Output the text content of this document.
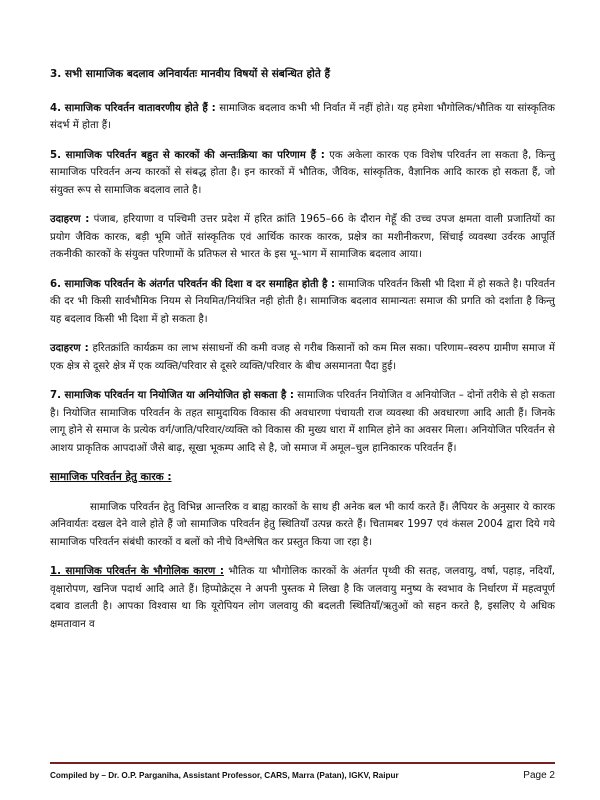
3. सभी सामाजिक बदलाव अनिवार्यतः मानवीय विषयों से संबन्धित होते हैं

4. सामाजिक परिवर्तन वातावरणीय होते हैं : सामाजिक बदलाव कभी भी निर्वात में नहीं होते। यह हमेशा भौगोलिक/भौतिक या सांस्कृतिक संदर्भ में होता हैं।

5. सामाजिक परिवर्तन बहुत से कारकों की अन्तःक्रिया का परिणाम हैं : एक अकेला कारक एक विशेष परिवर्तन ला सकता है, किन्तु सामाजिक परिवर्तन अन्य कारकों से संबद्ध होता है। इन कारकों में भौतिक, जैविक, सांस्कृतिक, वैज्ञानिक आदि कारक हो सकता हैं, जो संयुक्त रूप से सामाजिक बदलाव लाते है।

उदाहरण : पंजाब, हरियाणा व पश्चिमी उत्तर प्रदेश में हरित क्रांति 1965–66 के दौरान गेहूँ की उच्च उपज क्षमता वाली प्रजातियों का प्रयोग जैविक कारक, बड़ी भूमि जोतें सांस्कृतिक एवं आर्थिक कारक कारक, प्रक्षेत्र का मशीनीकरण, सिंचाई व्यवस्था उर्वरक आपूर्ति तकनीकी कारकों के संयुक्त परिणामों के प्रतिफल से भारत के इस भू–भाग में सामाजिक बदलाव आया।

6. सामाजिक परिवर्तन के अंतर्गत परिवर्तन की दिशा व दर समाहित होती है : सामाजिक परिवर्तन किसी भी दिशा में हो सकते है। परिवर्तन की दर भी किसी सार्वभौमिक नियम से नियमित/नियंत्रित नही होती है। सामाजिक बदलाव सामान्यतः समाज की प्रगति को दर्शाता है किन्तु यह बदलाव किसी भी दिशा में हो सकता है।

उदाहरण : हरितक्रांति कार्यक्रम का लाभ संसाधनों की कमी वजह से गरीब किसानों को कम मिल सका। परिणाम–स्वरुप ग्रामीण समाज में एक क्षेत्र से दूसरे क्षेत्र में एक व्यक्ति/परिवार से दूसरे व्यक्ति/परिवार के बीच असमानता पैदा हुई।

7. सामाजिक परिवर्तन या नियोजित या अनियोजित हो सकता है : सामाजिक परिवर्तन नियोजित व अनियोजित – दोनों तरीके से हो सकता है। नियोजित सामाजिक परिवर्तन के तहत सामुदायिक विकास की अवधारणा पंचायती राज व्यवस्था की अवधारणा आदि आती हैं। जिनके लागू होने से समाज के प्रत्येक वर्ग/जाति/परिवार/व्यक्ति को विकास की मुख्य धारा में शामिल होने का अवसर मिला। अनियोजित परिवर्तन से आशय प्राकृतिक आपदाओं जैसे बाढ़, सूखा भूकम्प आदि से है, जो समाज में अमूल–चुल हानिकारक परिवर्तन हैं।

सामाजिक परिवर्तन हेतु कारक :

सामाजिक परिवर्तन हेतु विभिन्न आन्तरिक व बाह्य कारकों के साथ ही अनेक बल भी कार्य करते हैं। लैपियर के अनुसार ये कारक अनिवार्यतः दखल देने वाले होते हैं जो सामाजिक परिवर्तन हेतु स्थितियॉं उत्पन्न करते हैं। चितामबर 1997 एवं कंसल 2004 द्वारा दिये गये सामाजिक परिवर्तन संबंधी कारकों व बलों को नीचे विश्लेषित कर प्रस्तुत किया जा रहा है।

1. सामाजिक परिवर्तन के भौगोलिक कारण : भौतिक या भौगोलिक कारकों के अंतर्गत पृथ्वी की सतह, जलवायु, वर्षा, पहाड़, नदियॉं, वृक्षारोपण, खनिज पदार्थ आदि आते हैं। हिप्पोक्रेट्स ने अपनी पुस्तक मे लिखा है कि जलवायु मनुष्य के स्वभाव के निर्धारण में महत्वपूर्ण दबाव डालती है। आपका विश्वास था कि यूरोपियन लोग जलवायु की बदलती स्थितियॉं/ऋतुओं को सहन करते है, इसलिए ये अधिक क्षमतावान व

Compiled by – Dr. O.P. Parganiha, Assistant Professor, CARS, Marra (Patan), IGKV, Raipur	Page 2
